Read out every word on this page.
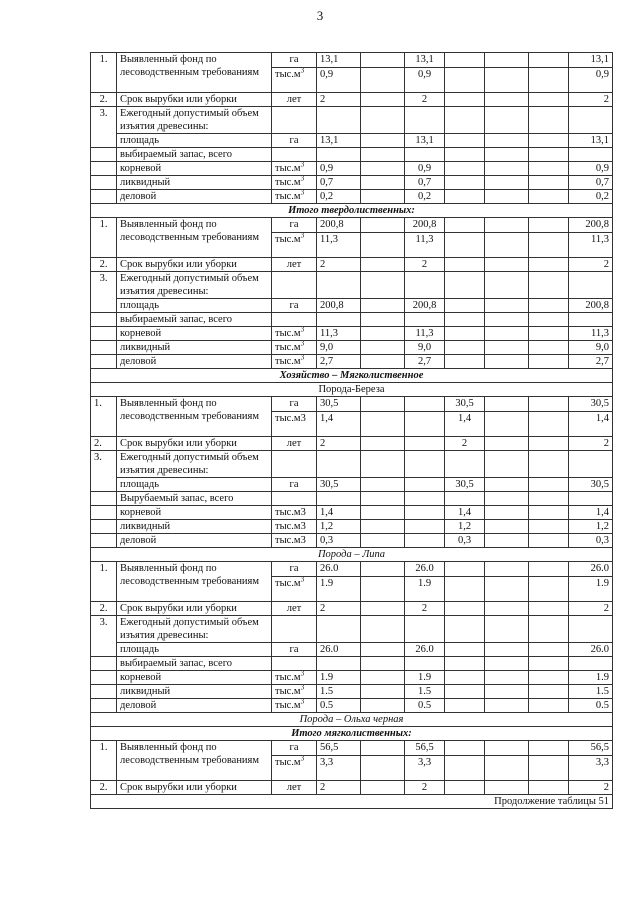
3
1.	Выявленный фонд по лесоводственным требованиям	га	13,1		13,1				13,1
		$тыс.м^3$	0,9		0,9				0,9
2.	Срок вырубки или уборки	лет	2		2				2
3.	Ежегодный допустимый объем изъятия древесины:								
	площадь	га	13,1		13,1				13,1
	выбираемый запас, всего								
	корневой	$тыс.м^3$	0,9		0,9				0,9
	ликвидный	$тыс.м^3$	0,7		0,7				0,7
	деловой	$тыс.м^3$	0,2		0,2				0,2
Итого твердолиственных:									
1.	Выявленный фонд по лесоводственным требованиям	га	200,8		200,8				200,8
		$тыс.м^3$	11,3		11,3				11,3
2.	Срок вырубки или уборки	лет	2		2				2
3.	Ежегодный допустимый объем изъятия древесины:								
	площадь	га	200,8		200,8				200,8
	выбираемый запас, всего								
	корневой	$тыс.м^3$	11,3		11,3				11,3
	ликвидный	$тыс.м^3$	9,0		9,0				9,0
	деловой	$тыс.м^3$	2,7		2,7				2,7
Хозяйство – Мягколиственное									
Порода-Береза									
1.	Выявленный фонд по лесоводственным требованиям	га	30,5			30,5			30,5
		тыс.м3	1,4			1,4			1,4
2.	Срок вырубки или уборки	лет	2			2			2
3.	Ежегодный допустимый объем изъятия древесины:								
	площадь	га	30,5			30,5			30,5
	Вырубаемый запас, всего								
	корневой	тыс.м3	1,4			1,4			1,4
	ликвидный	тыс.м3	1,2			1,2			1,2
	деловой	тыс.м3	0,3			0,3			0,3
Порода – Липа									
1.	Выявленный фонд по лесоводственным требованиям	га	26.0		26.0				26.0
		$тыс.м^3$	1.9		1.9				1.9
2.	Срок вырубки или уборки	лет	2		2				2
3.	Ежегодный допустимый объем изъятия древесины:								
	площадь	га	26.0		26.0				26.0
	выбираемый запас, всего								
	корневой	$тыс.м^3$	1.9		1.9				1.9
	ликвидный	$тыс.м^3$	1.5		1.5				1.5
	деловой	$тыс.м^3$	0.5		0.5				0.5
Порода – Ольха черная									
Итого мягколиственных:									
1.	Выявленный фонд по лесоводственным требованиям	га	56,5		56,5				56,5
		$тыс.м^3$	3,3		3,3				3,3
2.	Срок вырубки или уборки	лет	2		2				2
Продолжение таблицы 51									
